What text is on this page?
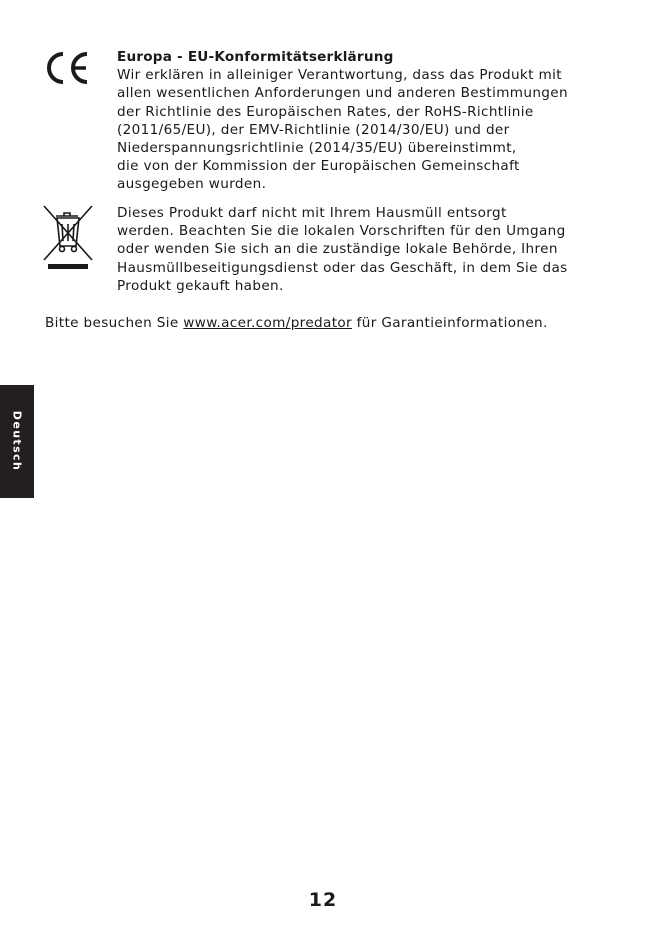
Europa - EU-Konformitätserklärung

Wir erklären in alleiniger Verantwortung, dass das Produkt mit
allen wesentlichen Anforderungen und anderen Bestimmungen
der Richtlinie des Europäischen Rates, der RoHS-Richtlinie
(2011/65/EU), der EMV-Richtlinie (2014/30/EU) und der
Niederspannungsrichtlinie (2014/35/EU) übereinstimmt,
die von der Kommission der Europäischen Gemeinschaft
ausgegeben wurden.
Dieses Produkt darf nicht mit Ihrem Hausmüll entsorgt
werden. Beachten Sie die lokalen Vorschriften für den Umgang
oder wenden Sie sich an die zuständige lokale Behörde, Ihren
Hausmüllbeseitigungsdienst oder das Geschäft, in dem Sie das
Produkt gekauft haben.
Bitte besuchen Sie www.acer.com/predator für Garantieinformationen.
Deutsch
12
